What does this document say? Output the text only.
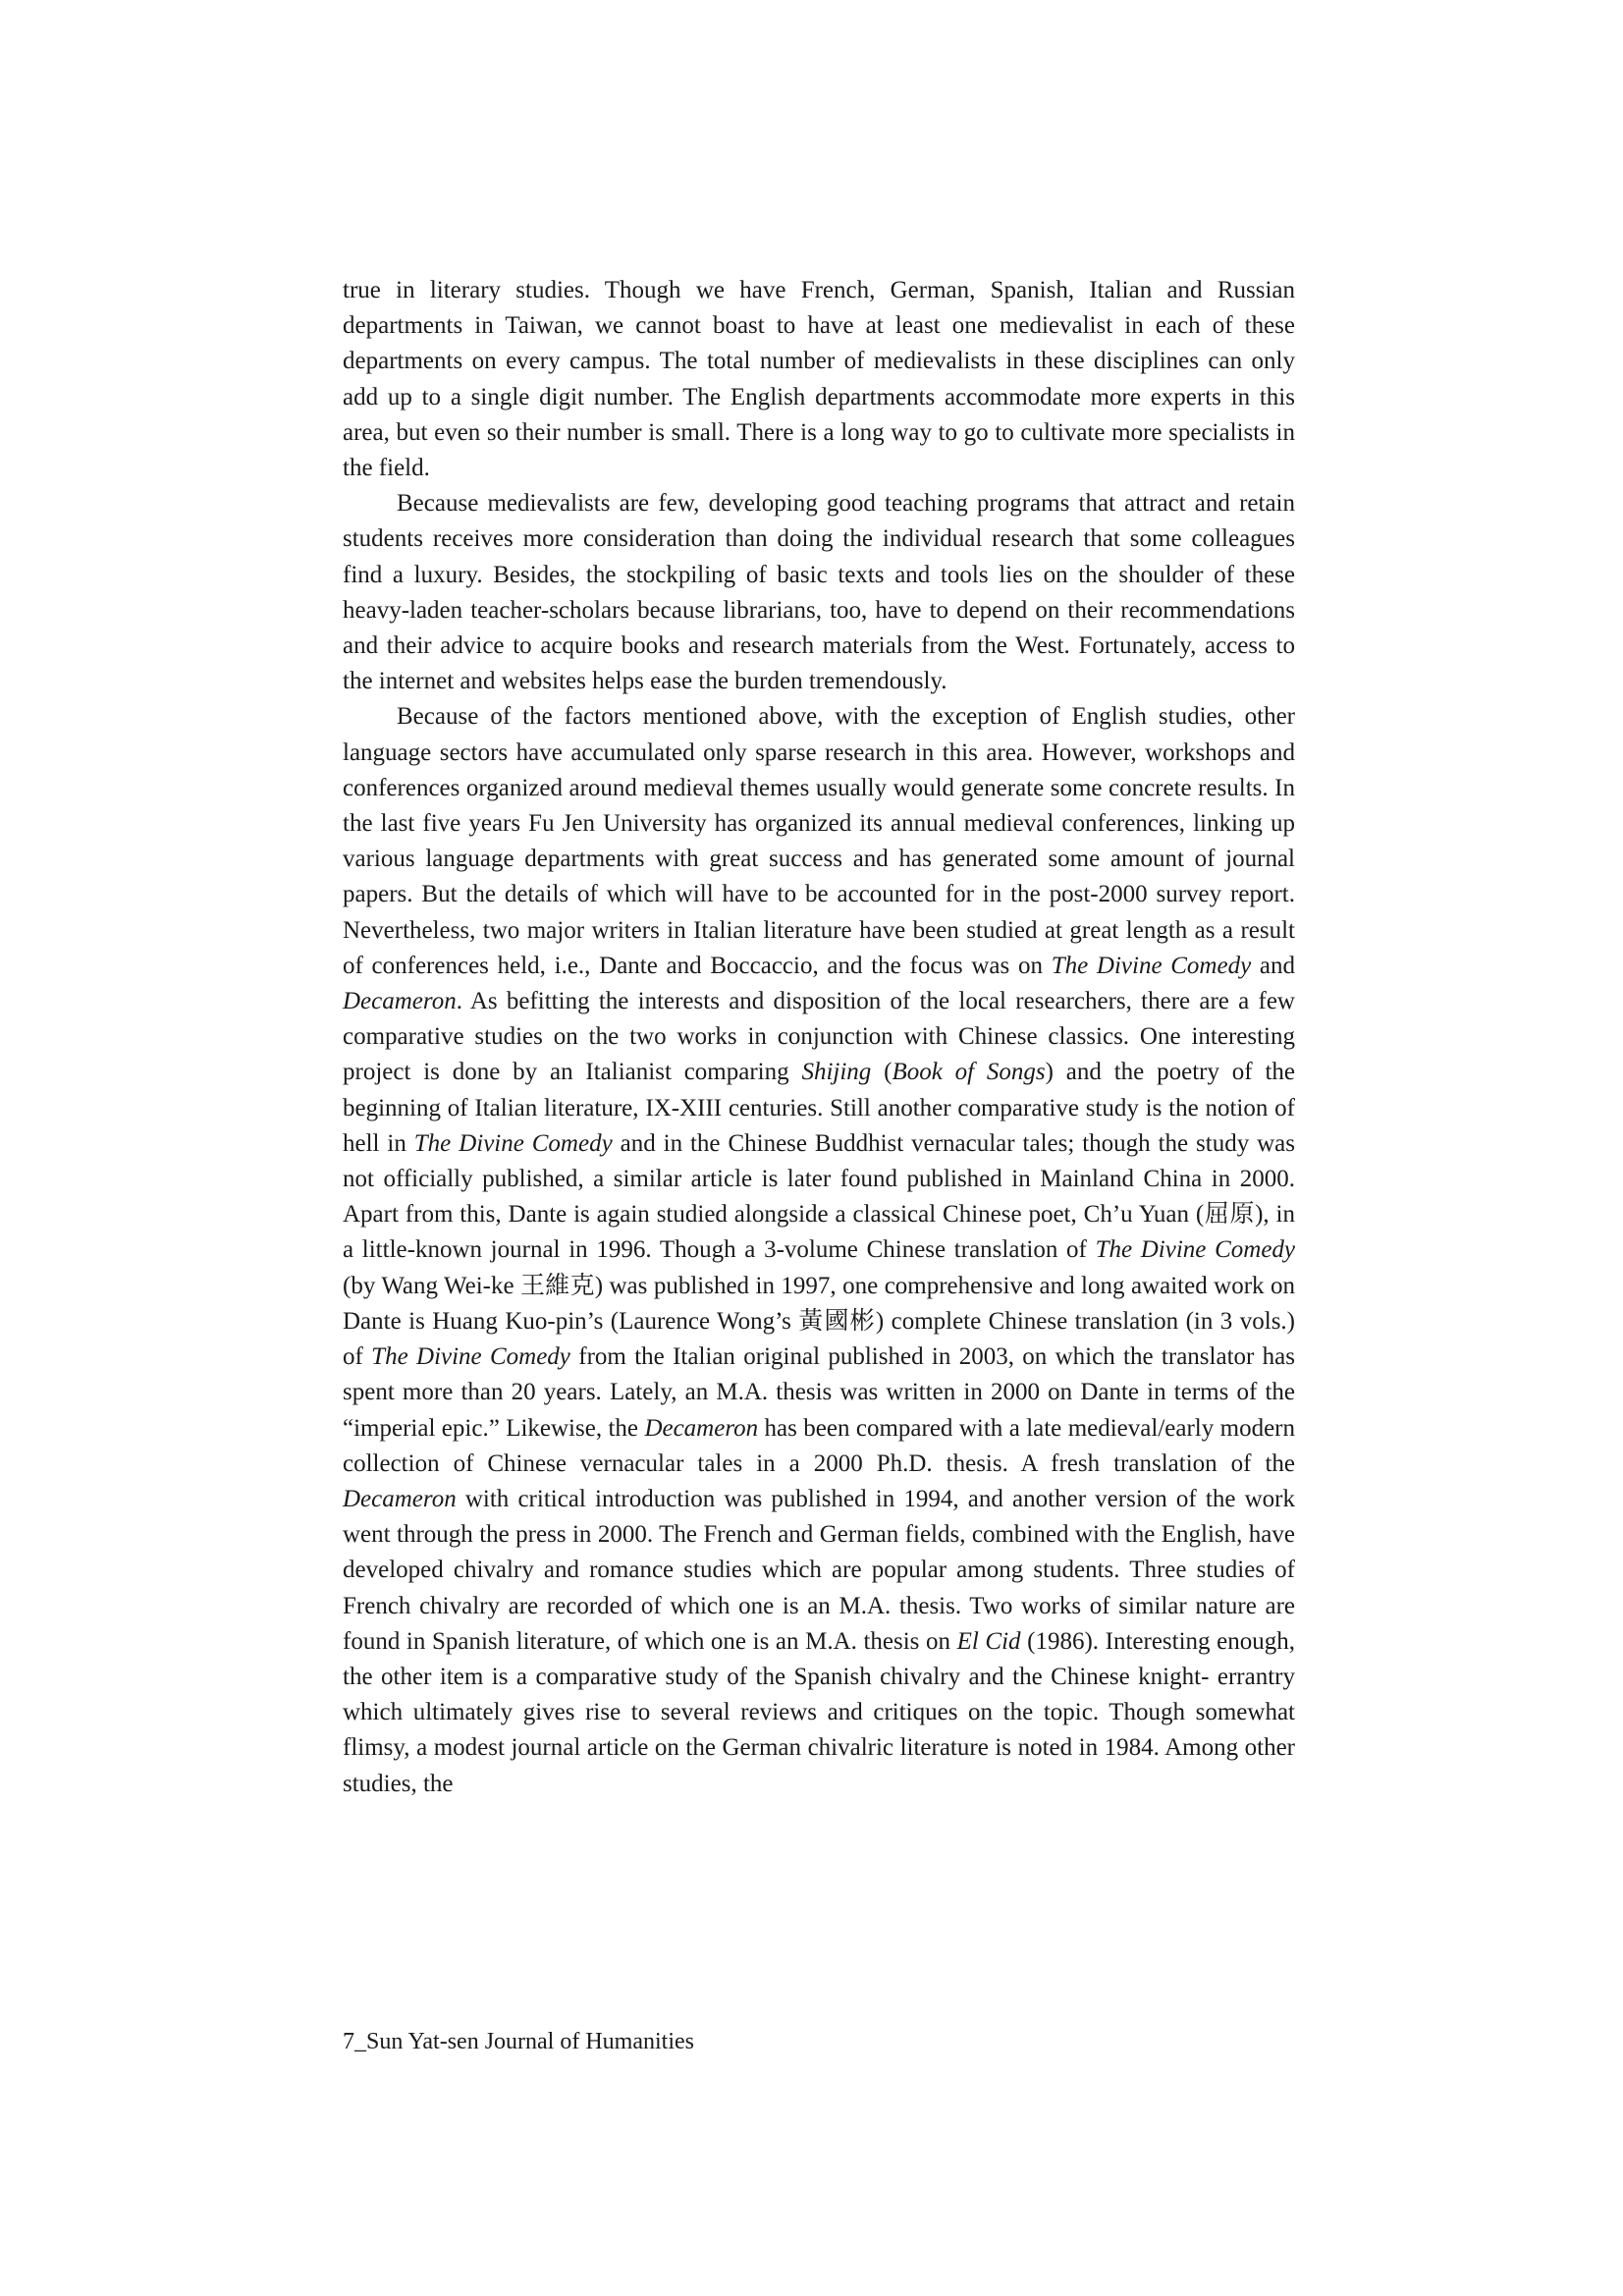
true in literary studies. Though we have French, German, Spanish, Italian and Russian departments in Taiwan, we cannot boast to have at least one medievalist in each of these departments on every campus. The total number of medievalists in these disciplines can only add up to a single digit number. The English departments accommodate more experts in this area, but even so their number is small. There is a long way to go to cultivate more specialists in the field.

Because medievalists are few, developing good teaching programs that attract and retain students receives more consideration than doing the individual research that some colleagues find a luxury. Besides, the stockpiling of basic texts and tools lies on the shoulder of these heavy-laden teacher-scholars because librarians, too, have to depend on their recommendations and their advice to acquire books and research materials from the West. Fortunately, access to the internet and websites helps ease the burden tremendously.

Because of the factors mentioned above, with the exception of English studies, other language sectors have accumulated only sparse research in this area. However, workshops and conferences organized around medieval themes usually would generate some concrete results. In the last five years Fu Jen University has organized its annual medieval conferences, linking up various language departments with great success and has generated some amount of journal papers. But the details of which will have to be accounted for in the post-2000 survey report. Nevertheless, two major writers in Italian literature have been studied at great length as a result of conferences held, i.e., Dante and Boccaccio, and the focus was on The Divine Comedy and Decameron. As befitting the interests and disposition of the local researchers, there are a few comparative studies on the two works in conjunction with Chinese classics. One interesting project is done by an Italianist comparing Shijing (Book of Songs) and the poetry of the beginning of Italian literature, IX-XIII centuries. Still another comparative study is the notion of hell in The Divine Comedy and in the Chinese Buddhist vernacular tales; though the study was not officially published, a similar article is later found published in Mainland China in 2000. Apart from this, Dante is again studied alongside a classical Chinese poet, Ch’u Yuan (屈原), in a little-known journal in 1996. Though a 3-volume Chinese translation of The Divine Comedy (by Wang Wei-ke 王維克) was published in 1997, one comprehensive and long awaited work on Dante is Huang Kuo-pin’s (Laurence Wong’s 黃國彬) complete Chinese translation (in 3 vols.) of The Divine Comedy from the Italian original published in 2003, on which the translator has spent more than 20 years. Lately, an M.A. thesis was written in 2000 on Dante in terms of the “imperial epic.” Likewise, the Decameron has been compared with a late medieval/early modern collection of Chinese vernacular tales in a 2000 Ph.D. thesis. A fresh translation of the Decameron with critical introduction was published in 1994, and another version of the work went through the press in 2000. The French and German fields, combined with the English, have developed chivalry and romance studies which are popular among students. Three studies of French chivalry are recorded of which one is an M.A. thesis. Two works of similar nature are found in Spanish literature, of which one is an M.A. thesis on El Cid (1986). Interesting enough, the other item is a comparative study of the Spanish chivalry and the Chinese knight- errantry which ultimately gives rise to several reviews and critiques on the topic. Though somewhat flimsy, a modest journal article on the German chivalric literature is noted in 1984. Among other studies, the

7_Sun Yat-sen Journal of Humanities
